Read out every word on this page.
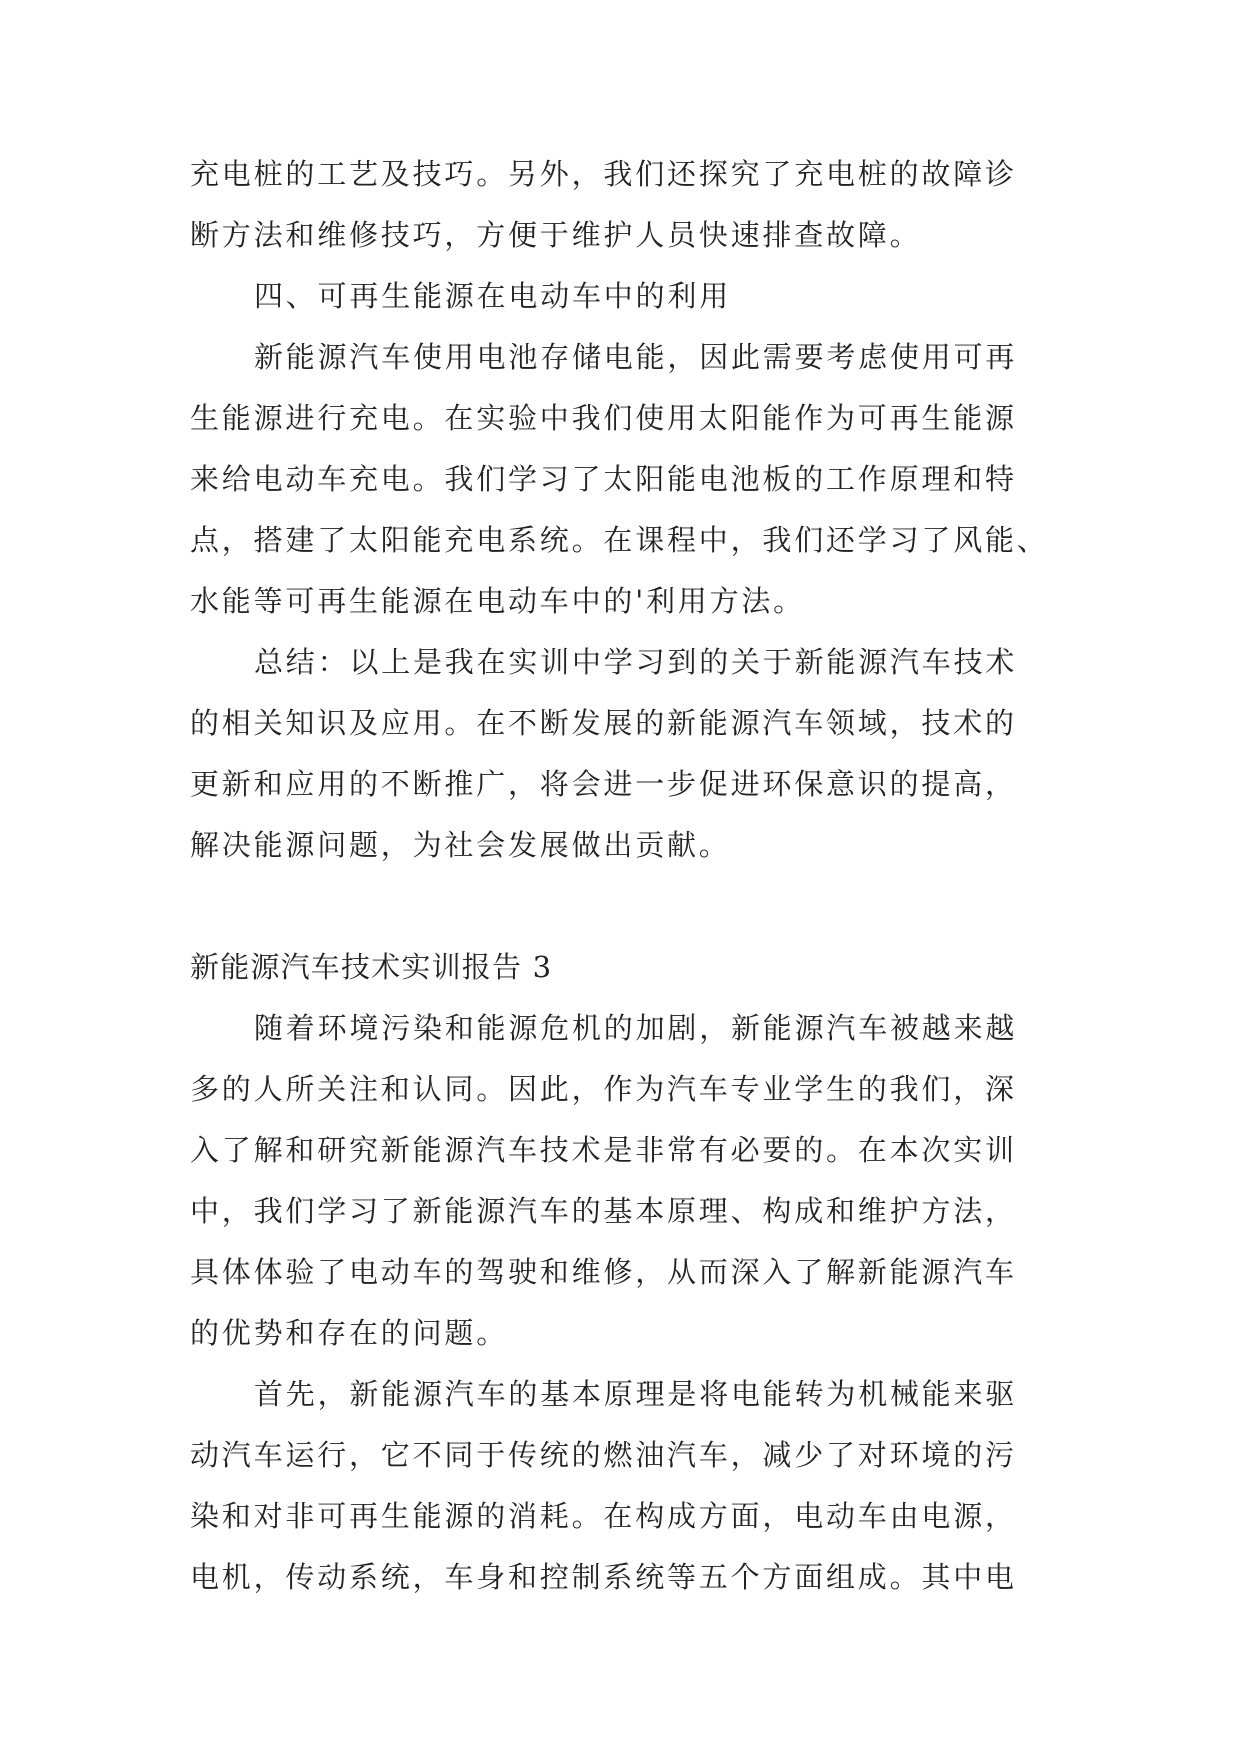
充电桩的工艺及技巧。另外，我们还探究了充电桩的故障诊
断方法和维修技巧，方便于维护人员快速排查故障。
四、可再生能源在电动车中的利用
新能源汽车使用电池存储电能，因此需要考虑使用可再
生能源进行充电。在实验中我们使用太阳能作为可再生能源
来给电动车充电。我们学习了太阳能电池板的工作原理和特
点，搭建了太阳能充电系统。在课程中，我们还学习了风能、
水能等可再生能源在电动车中的'利用方法。
总结：以上是我在实训中学习到的关于新能源汽车技术
的相关知识及应用。在不断发展的新能源汽车领域，技术的
更新和应用的不断推广，将会进一步促进环保意识的提高，
解决能源问题，为社会发展做出贡献。
新能源汽车技术实训报告 3
随着环境污染和能源危机的加剧，新能源汽车被越来越
多的人所关注和认同。因此，作为汽车专业学生的我们，深
入了解和研究新能源汽车技术是非常有必要的。在本次实训
中，我们学习了新能源汽车的基本原理、构成和维护方法，
具体体验了电动车的驾驶和维修，从而深入了解新能源汽车
的优势和存在的问题。
首先，新能源汽车的基本原理是将电能转为机械能来驱
动汽车运行，它不同于传统的燃油汽车，减少了对环境的污
染和对非可再生能源的消耗。在构成方面，电动车由电源，
电机，传动系统，车身和控制系统等五个方面组成。其中电
